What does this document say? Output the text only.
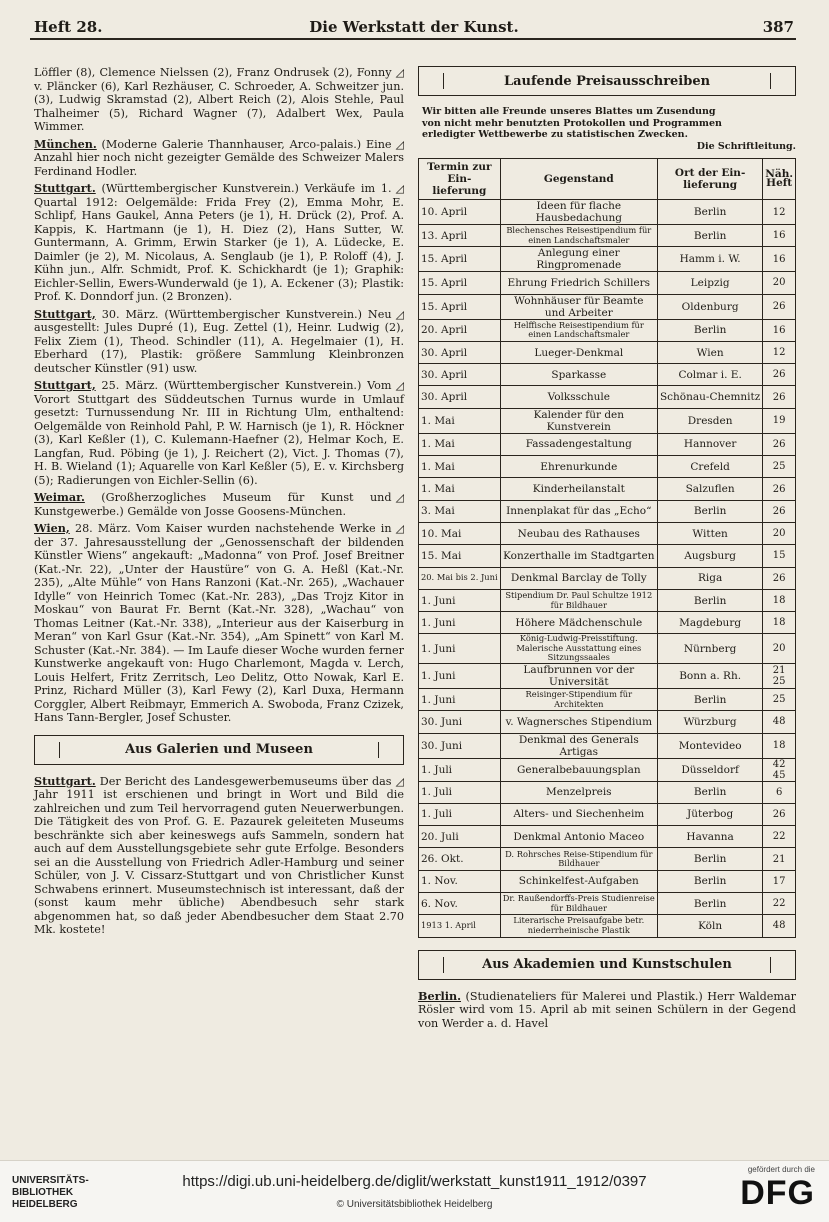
Heft 28.	Die Werkstatt der Kunst.	387

◿
Löffler (8), Clemence Nielssen (2), Franz Ondrusek (2), Fonny v. Pläncker (6), Karl Rezhäuser, C. Schroeder, A. Schweitzer jun. (3), Ludwig Skramstad (2), Albert Reich (2), Alois Stehle, Paul Thalheimer (5), Richard Wagner (7), Adalbert Wex, Paula Wimmer.

◿
München. (Moderne Galerie Thannhauser, Arco-palais.) Eine Anzahl hier noch nicht gezeigter Gemälde des Schweizer Malers Ferdinand Hodler.

◿
Stuttgart. (Württembergischer Kunstverein.) Verkäufe im 1. Quartal 1912: Oelgemälde: Frida Frey (2), Emma Mohr, E. Schlipf, Hans Gaukel, Anna Peters (je 1), H. Drück (2), Prof. A. Kappis, K. Hartmann (je 1), H. Diez (2), Hans Sutter, W. Guntermann, A. Grimm, Erwin Starker (je 1), A. Lüdecke, E. Daimler (je 2), M. Nicolaus, A. Senglaub (je 1), P. Roloff (4), J. Kühn jun., Alfr. Schmidt, Prof. K. Schickhardt (je 1); Graphik: Eichler-Sellin, Ewers-Wunderwald (je 1), A. Eckener (3); Plastik: Prof. K. Donndorf jun. (2 Bronzen).

◿
Stuttgart, 30. März. (Württembergischer Kunstverein.) Neu ausgestellt: Jules Dupré (1), Eug. Zettel (1), Heinr. Ludwig (2), Felix Ziem (1), Theod. Schindler (11), A. Hegelmaier (1), H. Eberhard (17), Plastik: größere Sammlung Kleinbronzen deutscher Künstler (91) usw.

◿
Stuttgart, 25. März. (Württembergischer Kunstverein.) Vom Vorort Stuttgart des Süddeutschen Turnus wurde in Umlauf gesetzt: Turnussendung Nr. III in Richtung Ulm, enthaltend: Oelgemälde von Reinhold Pahl, P. W. Harnisch (je 1), R. Höckner (3), Karl Keßler (1), C. Kulemann-Haefner (2), Helmar Koch, E. Langfan, Rud. Pöbing (je 1), J. Reichert (2), Vict. J. Thomas (7), H. B. Wieland (1); Aquarelle von Karl Keßler (5), E. v. Kirchsberg (5); Radierungen von Eichler-Sellin (6).

◿
Weimar. (Großherzogliches Museum für Kunst und Kunstgewerbe.) Gemälde von Josse Goosens-München.

◿
Wien, 28. März. Vom Kaiser wurden nachstehende Werke in der 37. Jahresausstellung der „Genossenschaft der bildenden Künstler Wiens“ angekauft: „Madonna“ von Prof. Josef Breitner (Kat.-Nr. 22), „Unter der Haustüre“ von G. A. Heßl (Kat.-Nr. 235), „Alte Mühle“ von Hans Ranzoni (Kat.-Nr. 265), „Wachauer Idylle“ von Heinrich Tomec (Kat.-Nr. 283), „Das Trojz Kitor in Moskau“ von Baurat Fr. Bernt (Kat.-Nr. 328), „Wachau“ von Thomas Leitner (Kat.-Nr. 338), „Interieur aus der Kaiserburg in Meran“ von Karl Gsur (Kat.-Nr. 354), „Am Spinett“ von Karl M. Schuster (Kat.-Nr. 384). — Im Laufe dieser Woche wurden ferner Kunstwerke angekauft von: Hugo Charlemont, Magda v. Lerch, Louis Helfert, Fritz Zerritsch, Leo Delitz, Otto Nowak, Karl E. Prinz, Richard Müller (3), Karl Fewy (2), Karl Duxa, Hermann Corggler, Albert Reibmayr, Emmerich A. Swoboda, Franz Czizek, Hans Tann-Bergler, Josef Schuster.

Aus Galerien und Museen

◿
Stuttgart. Der Bericht des Landesgewerbemuseums über das Jahr 1911 ist erschienen und bringt in Wort und Bild die zahlreichen und zum Teil hervorragend guten Neuerwerbungen. Die Tätigkeit des von Prof. G. E. Pazaurek geleiteten Museums beschränkte sich aber keineswegs aufs Sammeln, sondern hat auch auf dem Ausstellungsgebiete sehr gute Erfolge. Besonders sei an die Ausstellung von Friedrich Adler-Hamburg und seiner Schüler, von J. V. Cissarz-Stuttgart und von Christlicher Kunst Schwabens erinnert. Museumstechnisch ist interessant, daß der (sonst kaum mehr übliche) Abendbesuch sehr stark abgenommen hat, so daß jeder Abendbesucher dem Staat 2.70 Mk. kostete!

Laufende Preisausschreiben
Wir bitten alle Freunde unseres Blattes um Zusendung
von nicht mehr benutzten Protokollen und Programmen
erledigter Wettbewerbe zu statistischen Zwecken.
Die Schriftleitung.
Termin zur Ein-lieferung	Gegenstand	Ort der Ein-lieferung	Näh. Heft
10. April	Ideen für flache Hausbedachung	Berlin	12
13. April	Blechensches Reisestipendium für einen Landschaftsmaler	Berlin	16
15. April	Anlegung einer Ringpromenade	Hamm i. W.	16
15. April	Ehrung Friedrich Schillers	Leipzig	20
15. April	Wohnhäuser für Beamte und Arbeiter	Oldenburg	26
20. April	Helffische Reisestipendium für einen Landschaftsmaler	Berlin	16
30. April	Lueger-Denkmal	Wien	12
30. April	Sparkasse	Colmar i. E.	26
30. April	Volksschule	Schönau-Chemnitz	26
1. Mai	Kalender für den Kunstverein	Dresden	19
1. Mai	Fassadengestaltung	Hannover	26
1. Mai	Ehrenurkunde	Crefeld	25
1. Mai	Kinderheilanstalt	Salzuflen	26
3. Mai	Innenplakat für das „Echo“	Berlin	26
10. Mai	Neubau des Rathauses	Witten	20
15. Mai	Konzerthalle im Stadtgarten	Augsburg	15
20. Mai bis 2. Juni	Denkmal Barclay de Tolly	Riga	26
1. Juni	Stipendium Dr. Paul Schultze 1912 für Bildhauer	Berlin	18
1. Juni	Höhere Mädchenschule	Magdeburg	18
1. Juni	König-Ludwig-Preisstiftung. Malerische Ausstattung eines Sitzungssaales	Nürnberg	20
1. Juni	Laufbrunnen vor der Universität	Bonn a. Rh.	21 25
1. Juni	Reisinger-Stipendium für Architekten	Berlin	25
30. Juni	v. Wagnersches Stipendium	Würzburg	48
30. Juni	Denkmal des Generals Artigas	Montevideo	18
1. Juli	Generalbebauungsplan	Düsseldorf	42 45
1. Juli	Menzelpreis	Berlin	6
1. Juli	Alters- und Siechenheim	Jüterbog	26
20. Juli	Denkmal Antonio Maceo	Havanna	22
26. Okt.	D. Rohrsches Reise-Stipendium für Bildhauer	Berlin	21
1. Nov.	Schinkelfest-Aufgaben	Berlin	17
6. Nov.	Dr. Raußendorffs-Preis Studienreise für Bildhauer	Berlin	22
1913 1. April	Literarische Preisaufgabe betr. niederrheinische Plastik	Köln	48
Aus Akademien und Kunstschulen

Berlin. (Studienateliers für Malerei und Plastik.) Herr Waldemar Rösler wird vom 15. April ab mit seinen Schülern in der Gegend von Werder a. d. Havel

UNIVERSITÄTS-
BIBLIOTHEK
HEIDELBERG
https://digi.ub.uni-heidelberg.de/diglit/werkstatt_kunst1911_1912/0397
© Universitätsbibliothek Heidelberg
gefördert durch die
DFG
